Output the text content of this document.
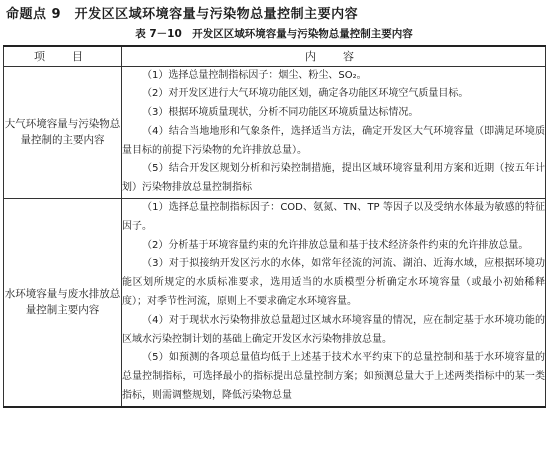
命题点 9　开发区区域环境容量与污染物总量控制主要内容
表 7－10　开发区区域环境容量与污染物总量控制主要内容
项　目	内　容
大气环境容量与污染物总量控制的主要内容	（1）选择总量控制指标因子：烟尘、粉尘、SO₂。

（2）对开发区进行大气环境功能区划，确定各功能区环境空气质量目标。

（3）根据环境质量现状，分析不同功能区环境质量达标情况。

（4）结合当地地形和气象条件，选择适当方法，确定开发区大气环境容量（即满足环境质量目标的前提下污染物的允许排放总量）。

（5）结合开发区规划分析和污染控制措施，提出区域环境容量利用方案和近期（按五年计划）污染物排放总量控制指标

水环境容量与废水排放总量控制主要内容	（1）选择总量控制指标因子：COD、氨氮、TN、TP 等因子以及受纳水体最为敏感的特征因子。

（2）分析基于环境容量约束的允许排放总量和基于技术经济条件约束的允许排放总量。

（3）对于拟接纳开发区污水的水体，如常年径流的河流、湖泊、近海水域，应根据环境功能区划所规定的水质标准要求，选用适当的水质模型分析确定水环境容量（或最小初始稀释度）；对季节性河流，原则上不要求确定水环境容量。

（4）对于现状水污染物排放总量超过区域水环境容量的情况，应在制定基于水环境功能的区域水污染控制计划的基础上确定开发区水污染物排放总量。

（5）如预测的各项总量值均低于上述基于技术水平约束下的总量控制和基于水环境容量的总量控制指标，可选择最小的指标提出总量控制方案；如预测总量大于上述两类指标中的某一类指标，则需调整规划，降低污染物总量
